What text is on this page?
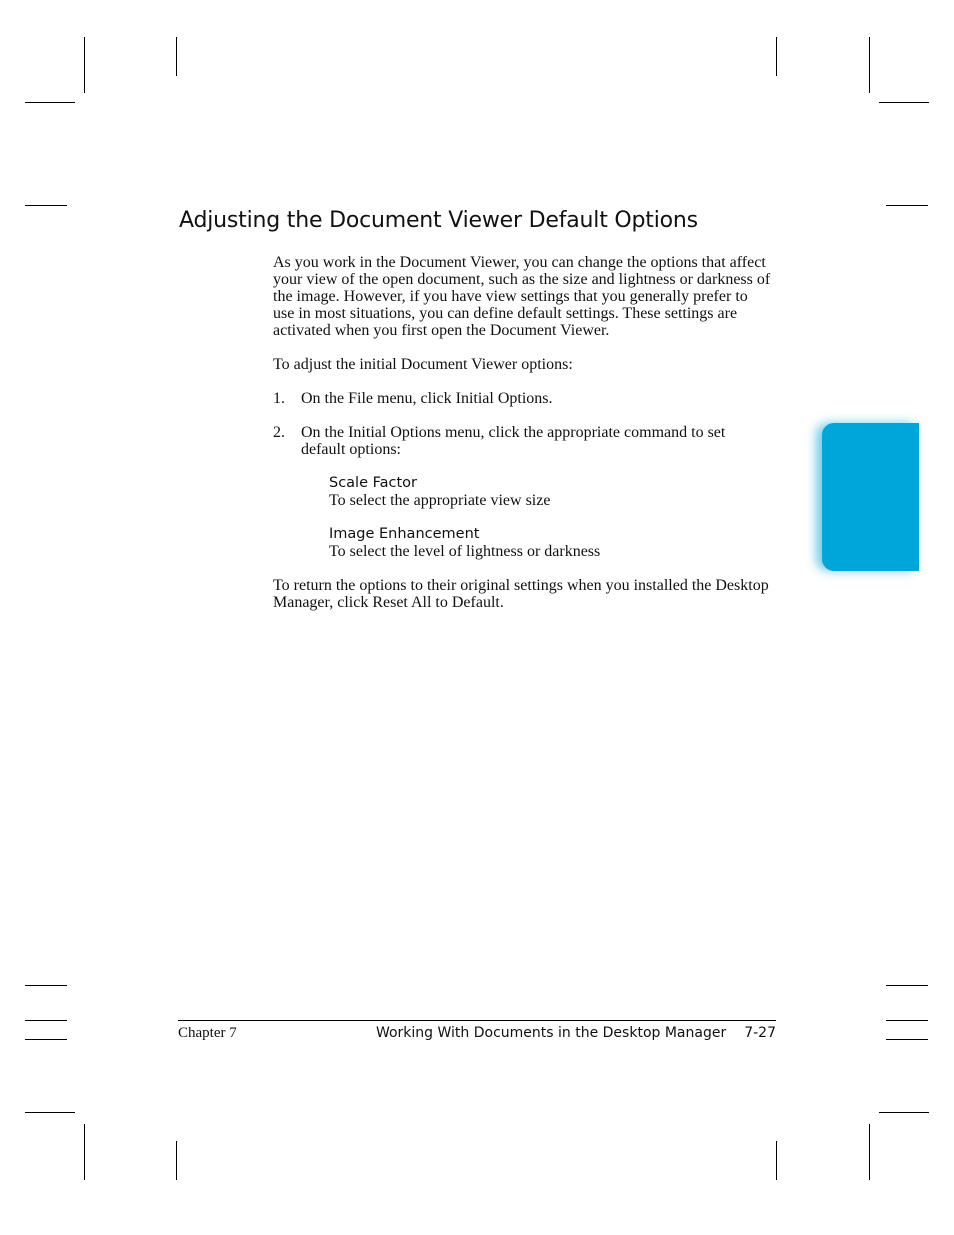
Adjusting the Document Viewer Default Options

As you work in the Document Viewer, you can change the options that affect your view of the open document, such as the size and lightness or darkness of the image. However, if you have view settings that you generally prefer to use in most situations, you can define default settings. These settings are activated when you first open the Document Viewer.

To adjust the initial Document Viewer options:

1. On the File menu, click Initial Options.
2. On the Initial Options menu, click the appropriate command to set default options:
Scale Factor
To select the appropriate view size
Image Enhancement
To select the level of lightness or darkness

To return the options to their original settings when you installed the Desktop Manager, click Reset All to Default.

Chapter 7	Working With Documents in the Desktop Manager 7-27
